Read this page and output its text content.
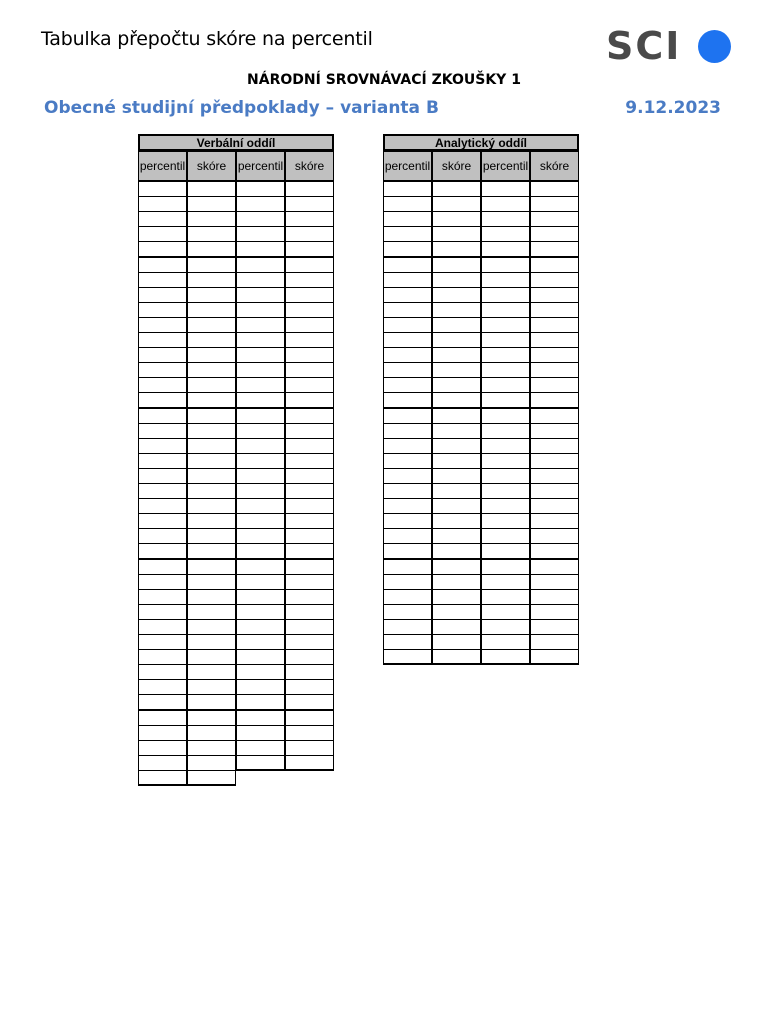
Tabulka přepočtu skóre na percentil	SCI
NÁRODNÍ SROVNÁVACÍ ZKOUŠKY 1
Obecné studijní předpoklady – varianta B	9.12.2023
Verbální oddíl
percentil skóre percentil skóre
Analytický oddíl
percentil skóre percentil skóre
